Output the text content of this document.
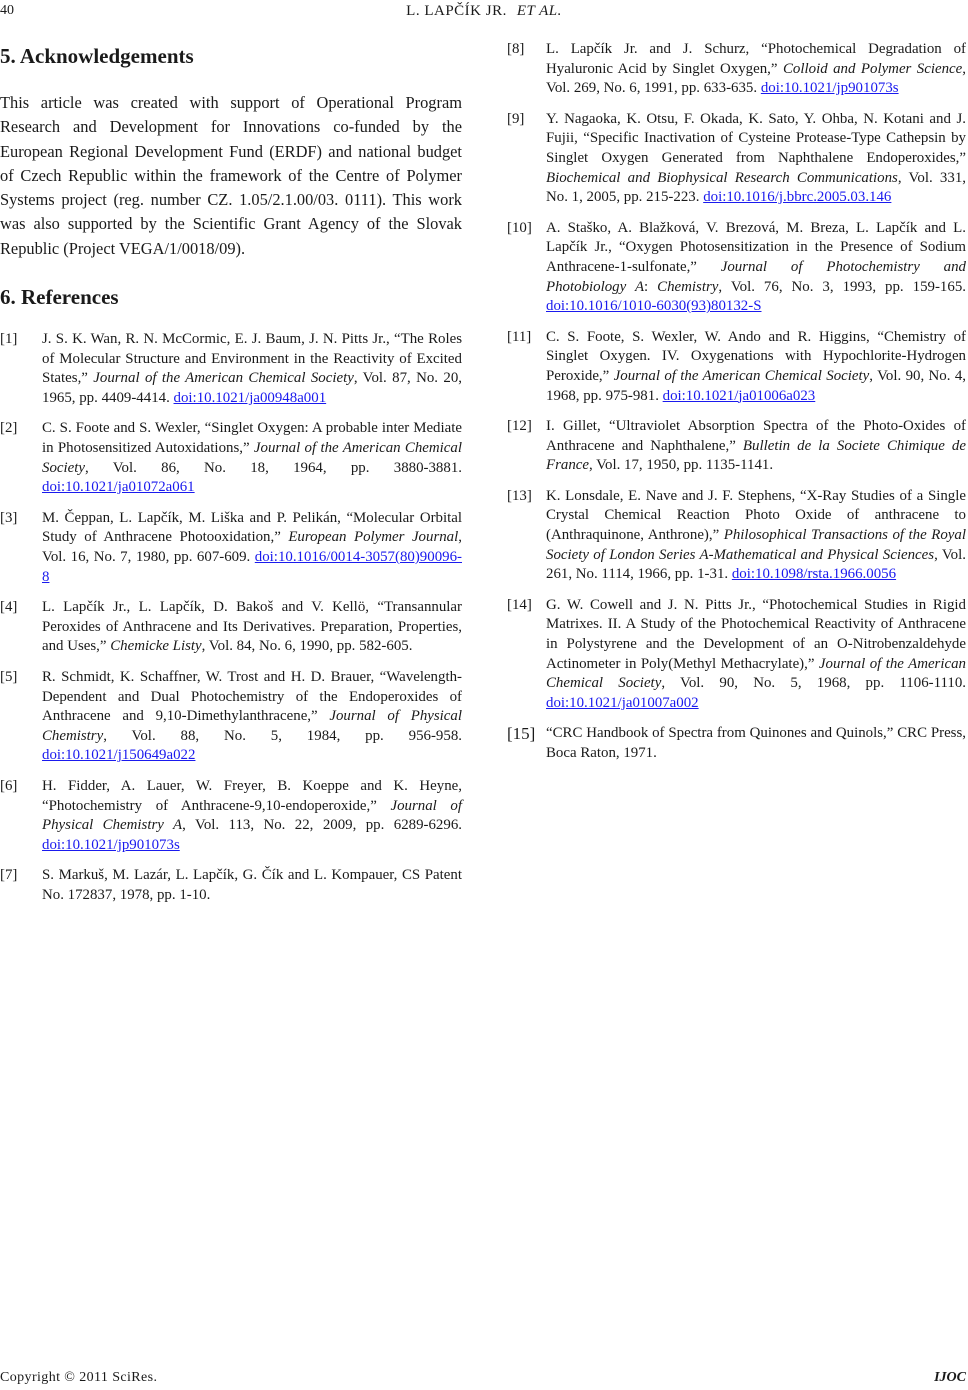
40	L. LAPČÍK JR. ET AL.
5. Acknowledgements

This article was created with support of Operational Program Research and Development for Innovations co-funded by the European Regional Development Fund (ERDF) and national budget of Czech Republic within the framework of the Centre of Polymer Systems project (reg. number CZ. 1.05/2.1.00/03. 0111). This work was also supported by the Scientific Grant Agency of the Slovak Republic (Project VEGA/1/0018/09).

6. References
[1]	J. S. K. Wan, R. N. McCormic, E. J. Baum, J. N. Pitts Jr., “The Roles of Molecular Structure and Environment in the Reactivity of Excited States,” Journal of the American Chemical Society, Vol. 87, No. 20, 1965, pp. 4409-4414. doi:10.1021/ja00948a001
[2]	C. S. Foote and S. Wexler, “Singlet Oxygen: A probable inter Mediate in Photosensitized Autoxidations,” Journal of the American Chemical Society, Vol. 86, No. 18, 1964, pp. 3880-3881. doi:10.1021/ja01072a061
[3]	M. Čeppan, L. Lapčík, M. Liška and P. Pelikán, “Molecular Orbital Study of Anthracene Photooxidation,” European Polymer Journal, Vol. 16, No. 7, 1980, pp. 607-609. doi:10.1016/0014-3057(80)90096-8
[4]	L. Lapčík Jr., L. Lapčík, D. Bakoš and V. Kellö, “Transannular Peroxides of Anthracene and Its Derivatives. Preparation, Properties, and Uses,” Chemicke Listy, Vol. 84, No. 6, 1990, pp. 582-605.
[5]	R. Schmidt, K. Schaffner, W. Trost and H. D. Brauer, “Wavelength-Dependent and Dual Photochemistry of the Endoperoxides of Anthracene and 9,10-Dimethylanthracene,” Journal of Physical Chemistry, Vol. 88, No. 5, 1984, pp. 956-958. doi:10.1021/j150649a022
[6]	H. Fidder, A. Lauer, W. Freyer, B. Koeppe and K. Heyne, “Photochemistry of Anthracene-9,10-endoperoxide,” Journal of Physical Chemistry A, Vol. 113, No. 22, 2009, pp. 6289-6296. doi:10.1021/jp901073s
[7]	S. Markuš, M. Lazár, L. Lapčík, G. Čík and L. Kompauer, CS Patent No. 172837, 1978, pp. 1-10.
[8]	L. Lapčík Jr. and J. Schurz, “Photochemical Degradation of Hyaluronic Acid by Singlet Oxygen,” Colloid and Polymer Science, Vol. 269, No. 6, 1991, pp. 633-635. doi:10.1021/jp901073s
[9]	Y. Nagaoka, K. Otsu, F. Okada, K. Sato, Y. Ohba, N. Kotani and J. Fujii, “Specific Inactivation of Cysteine Protease-Type Cathepsin by Singlet Oxygen Generated from Naphthalene Endoperoxides,” Biochemical and Biophysical Research Communications, Vol. 331, No. 1, 2005, pp. 215-223. doi:10.1016/j.bbrc.2005.03.146
[10] A. Staško, A. Blažková, V. Brezová, M. Breza, L. Lapčík and L. Lapčík Jr., “Oxygen Photosensitization in the Presence of Sodium Anthracene-1-sulfonate,” Journal of Photochemistry and Photobiology A: Chemistry, Vol. 76, No. 3, 1993, pp. 159-165. doi:10.1016/1010-6030(93)80132-S
[11] C. S. Foote, S. Wexler, W. Ando and R. Higgins, “Chemistry of Singlet Oxygen. IV. Oxygenations with Hypochlorite-Hydrogen Peroxide,” Journal of the American Chemical Society, Vol. 90, No. 4, 1968, pp. 975-981. doi:10.1021/ja01006a023
[12] I. Gillet, “Ultraviolet Absorption Spectra of the Photo-Oxides of Anthracene and Naphthalene,” Bulletin de la Societe Chimique de France, Vol. 17, 1950, pp. 1135-1141.
[13] K. Lonsdale, E. Nave and J. F. Stephens, “X-Ray Studies of a Single Crystal Chemical Reaction Photo Oxide of anthracene to (Anthraquinone, Anthrone),” Philosophical Transactions of the Royal Society of London Series A-Mathematical and Physical Sciences, Vol. 261, No. 1114, 1966, pp. 1-31. doi:10.1098/rsta.1966.0056
[14] G. W. Cowell and J. N. Pitts Jr., “Photochemical Studies in Rigid Matrixes. II. A Study of the Photochemical Reactivity of Anthracene in Polystyrene and the Development of an O-Nitrobenzaldehyde Actinometer in Poly(Methyl Methacrylate),” Journal of the American Chemical Society, Vol. 90, No. 5, 1968, pp. 1106-1110. doi:10.1021/ja01007a002
[15] “CRC Handbook of Spectra from Quinones and Quinols,” CRC Press, Boca Raton, 1971.
Copyright © 2011 SciRes.	IJOC
